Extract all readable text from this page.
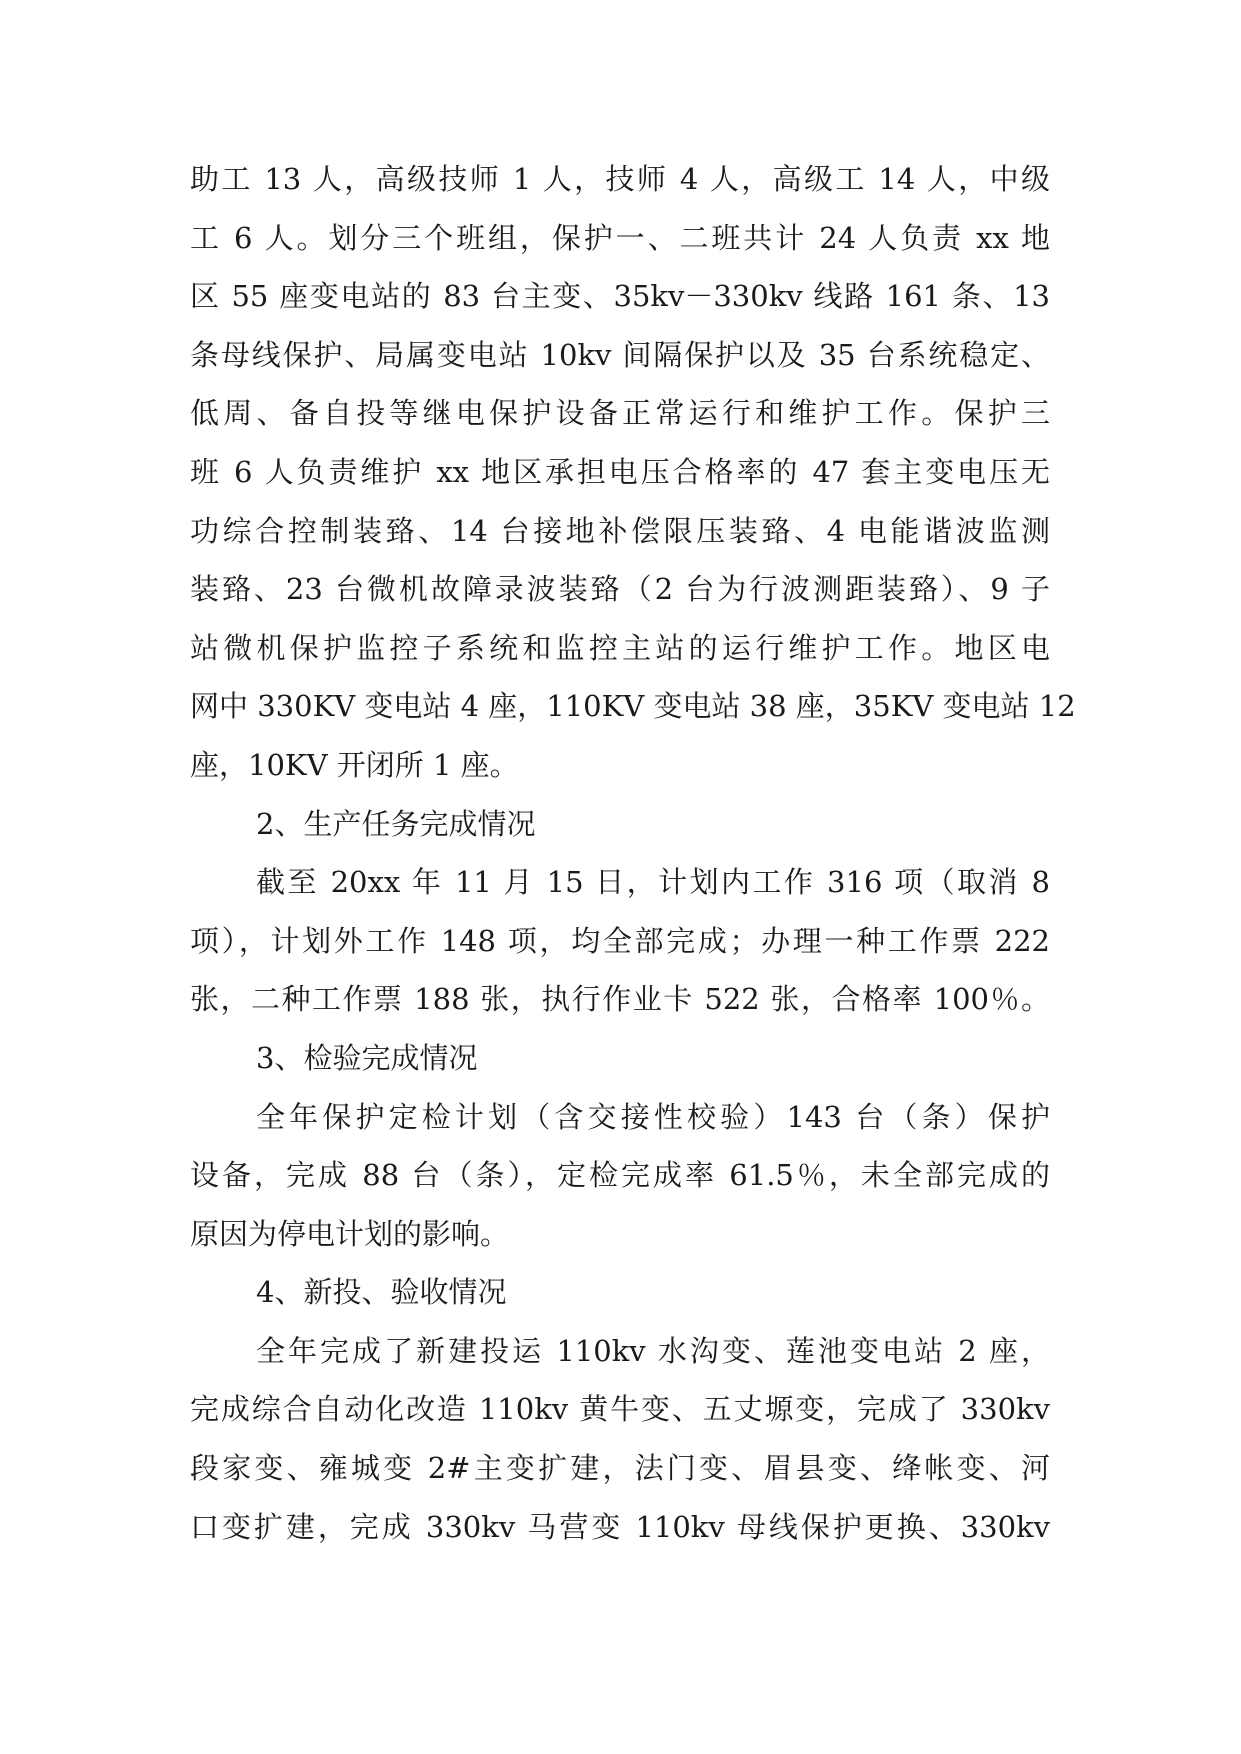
助工 13 人，高级技师 1 人，技师 4 人，高级工 14 人，中级
工 6 人。划分三个班组，保护一、二班共计 24 人负责 xx 地
区 55 座变电站的 83 台主变、35kv－330kv 线路 161 条、13
条母线保护、局属变电站 10kv 间隔保护以及 35 台系统稳定、
低周、备自投等继电保护设备正常运行和维护工作。保护三
班 6 人负责维护 xx 地区承担电压合格率的 47 套主变电压无
功综合控制装臵、14 台接地补偿限压装臵、4 电能谐波监测
装臵、23 台微机故障录波装臵（2 台为行波测距装臵）、9 子
站微机保护监控子系统和监控主站的运行维护工作。地区电
网中 330KV 变电站 4 座，110KV 变电站 38 座，35KV 变电站 12
座，10KV 开闭所 1 座。
2、生产任务完成情况
截至 20xx 年 11 月 15 日，计划内工作 316 项（取消 8
项），计划外工作 148 项，均全部完成；办理一种工作票 222
张，二种工作票 188 张，执行作业卡 522 张，合格率 100％。
3、检验完成情况
全年保护定检计划（含交接性校验）143 台（条）保护
设备，完成 88 台（条），定检完成率 61.5％，未全部完成的
原因为停电计划的影响。
4、新投、验收情况
全年完成了新建投运 110kv 水沟变、莲池变电站 2 座，
完成综合自动化改造 110kv 黄牛变、五丈塬变，完成了 330kv
段家变、雍城变 2#主变扩建，法门变、眉县变、绛帐变、河
口变扩建，完成 330kv 马营变 110kv 母线保护更换、330kv
